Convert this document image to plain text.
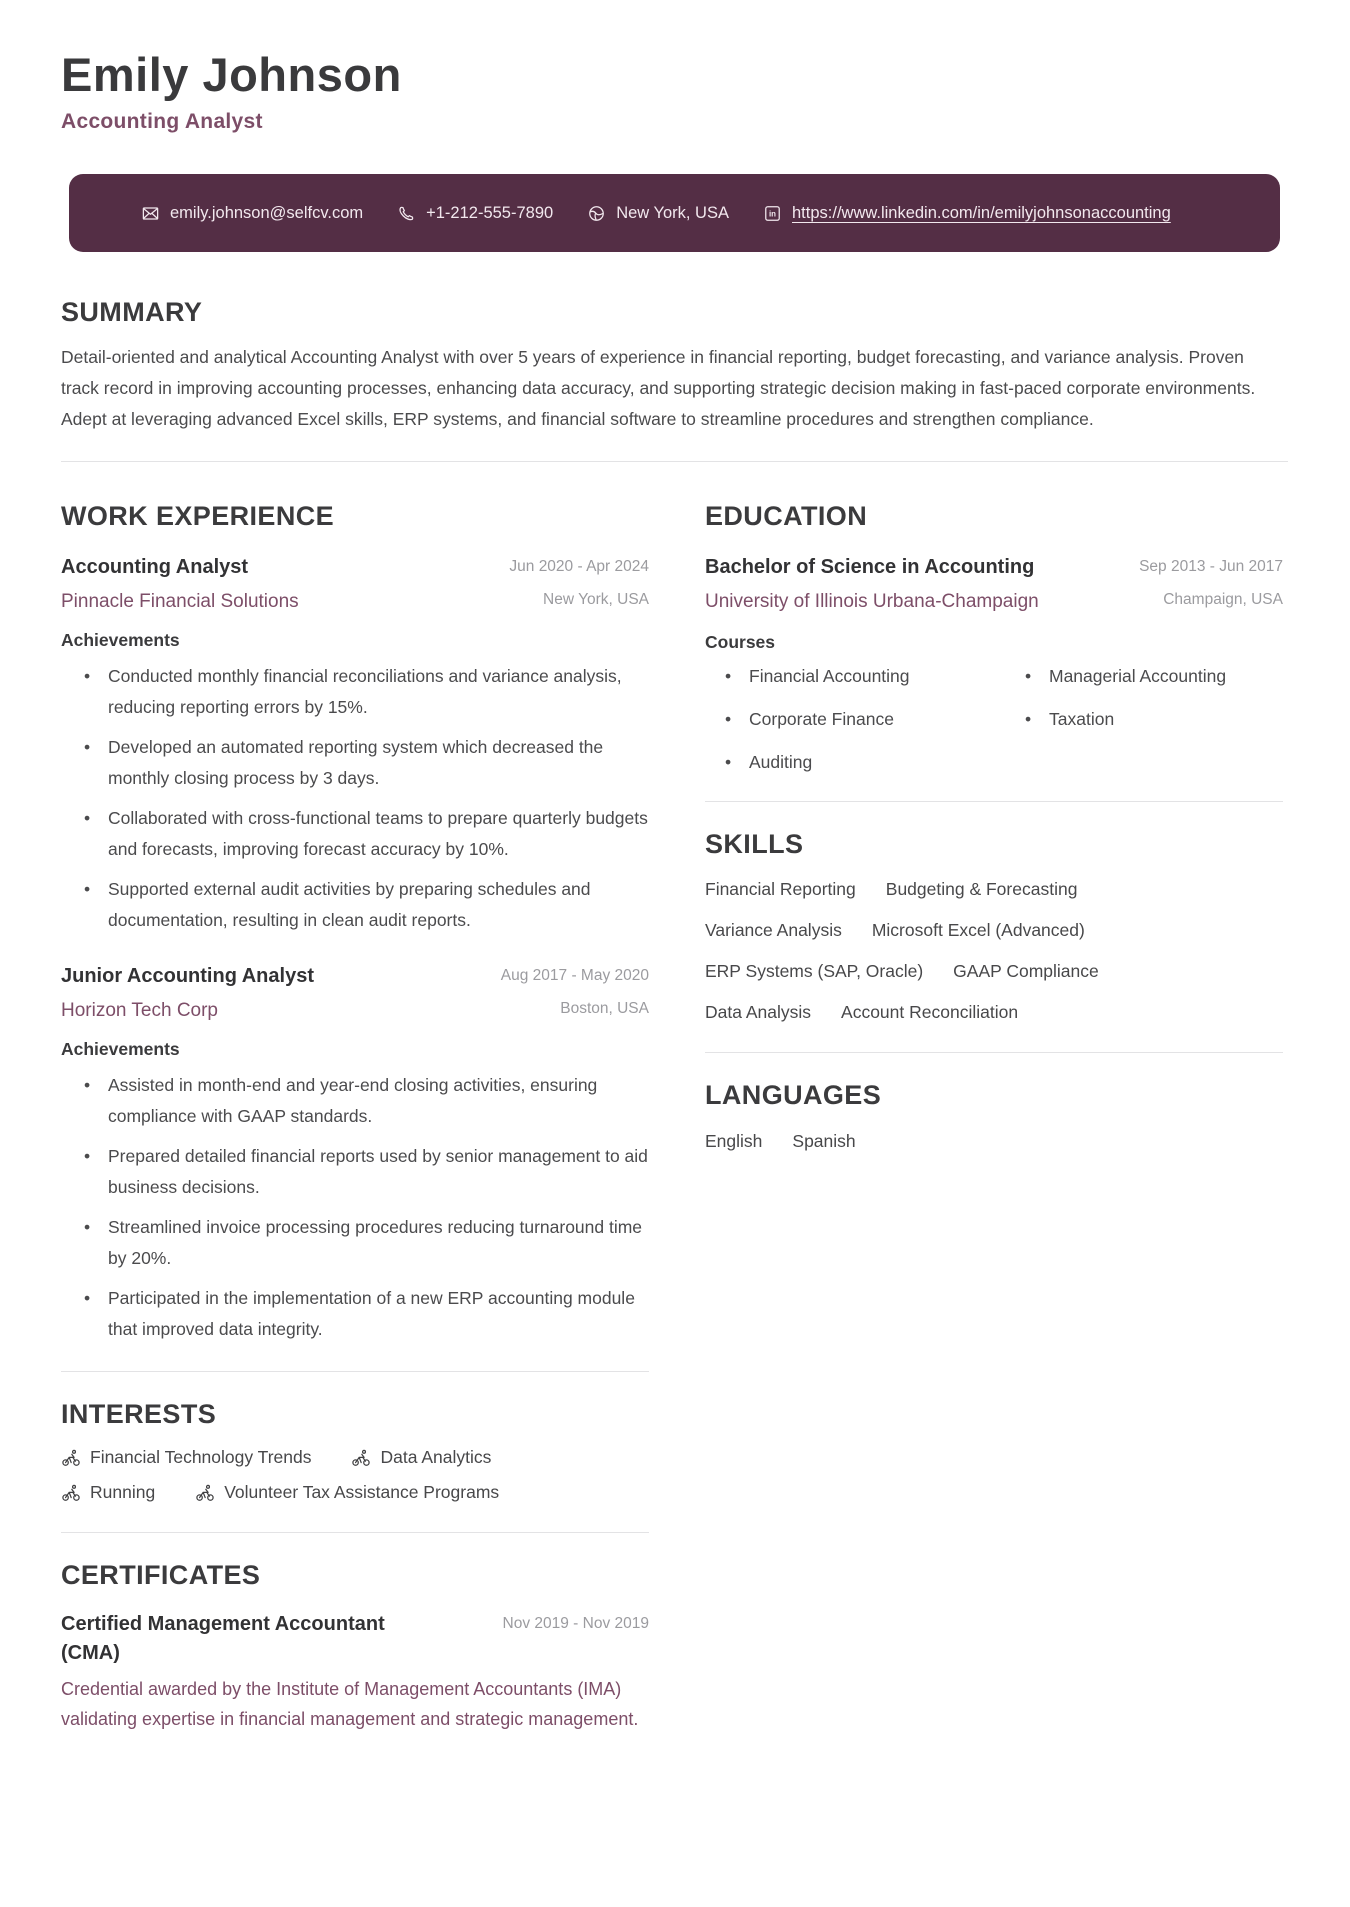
Emily Johnson
Accounting Analyst
emily.johnson@selfcv.com	+1-212-555-7890	New York, USA	in https://www.linkedin.com/in/emilyjohnsonaccounting
SUMMARY

Detail-oriented and analytical Accounting Analyst with over 5 years of experience in financial reporting, budget forecasting, and variance analysis. Proven track record in improving accounting processes, enhancing data accuracy, and supporting strategic decision making in fast-paced corporate environments. Adept at leveraging advanced Excel skills, ERP systems, and financial software to streamline procedures and strengthen compliance.

WORK EXPERIENCE
Accounting Analyst	Jun 2020 - Apr 2024
Pinnacle Financial Solutions	New York, USA
Achievements
• Conducted monthly financial reconciliations and variance analysis, reducing reporting errors by 15%.
• Developed an automated reporting system which decreased the monthly closing process by 3 days.
• Collaborated with cross-functional teams to prepare quarterly budgets and forecasts, improving forecast accuracy by 10%.
• Supported external audit activities by preparing schedules and documentation, resulting in clean audit reports.
Junior Accounting Analyst	Aug 2017 - May 2020
Horizon Tech Corp	Boston, USA
Achievements
• Assisted in month-end and year-end closing activities, ensuring compliance with GAAP standards.
• Prepared detailed financial reports used by senior management to aid business decisions.
• Streamlined invoice processing procedures reducing turnaround time by 20%.
• Participated in the implementation of a new ERP accounting module that improved data integrity.
INTERESTS
Financial Technology Trends	Data Analytics
Running	Volunteer Tax Assistance Programs
CERTIFICATES
Certified Management Accountant (CMA)
Nov 2019 - Nov 2019

Credential awarded by the Institute of Management Accountants (IMA) validating expertise in financial management and strategic management.

EDUCATION
Bachelor of Science in Accounting	Sep 2013 - Jun 2017
University of Illinois Urbana-Champaign	Champaign, USA
Courses
• Financial Accounting	• Managerial Accounting
• Corporate Finance	• Taxation
• Auditing
SKILLS
Financial Reporting Budgeting & Forecasting
Variance Analysis Microsoft Excel (Advanced)
ERP Systems (SAP, Oracle) GAAP Compliance
Data Analysis Account Reconciliation
LANGUAGES
English Spanish
